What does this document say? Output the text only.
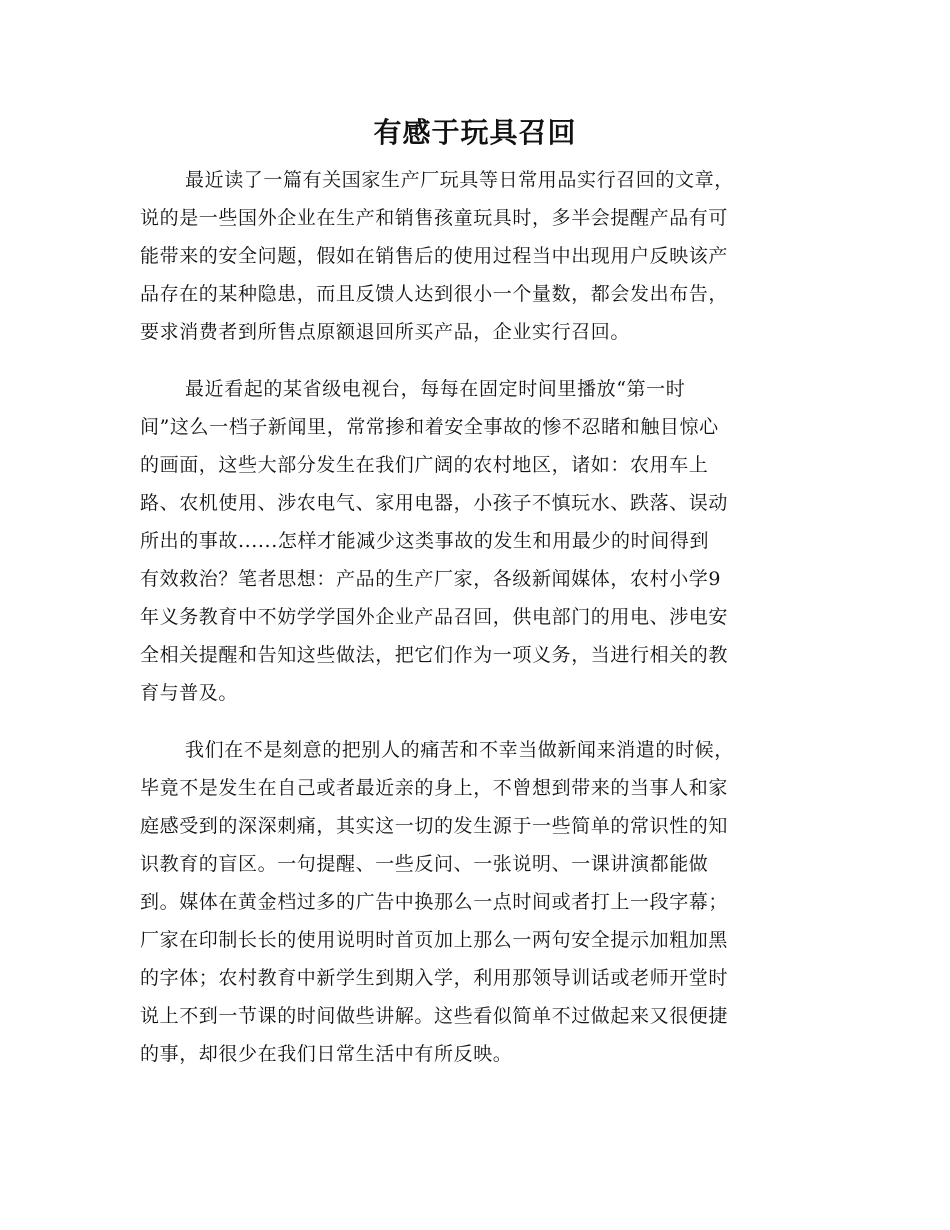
有感于玩具召回
最近读了一篇有关国家生产厂玩具等日常用品实行召回的文章，
说的是一些国外企业在生产和销售孩童玩具时，多半会提醒产品有可
能带来的安全问题，假如在销售后的使用过程当中出现用户反映该产
品存在的某种隐患，而且反馈人达到很小一个量数，都会发出布告，
要求消费者到所售点原额退回所买产品，企业实行召回。
最近看起的某省级电视台，每每在固定时间里播放“第一时
间”这么一档子新闻里，常常掺和着安全事故的惨不忍睹和触目惊心
的画面，这些大部分发生在我们广阔的农村地区，诸如：农用车上
路、农机使用、涉农电气、家用电器，小孩子不慎玩水、跌落、误动
所出的事故......怎样才能减少这类事故的发生和用最少的时间得到
有效救治？笔者思想：产品的生产厂家，各级新闻媒体，农村小学9
年义务教育中不妨学学国外企业产品召回，供电部门的用电、涉电安
全相关提醒和告知这些做法，把它们作为一项义务，当进行相关的教
育与普及。
我们在不是刻意的把别人的痛苦和不幸当做新闻来消遣的时候，
毕竟不是发生在自己或者最近亲的身上，不曾想到带来的当事人和家
庭感受到的深深刺痛，其实这一切的发生源于一些简单的常识性的知
识教育的盲区。一句提醒、一些反问、一张说明、一课讲演都能做
到。媒体在黄金档过多的广告中换那么一点时间或者打上一段字幕；
厂家在印制长长的使用说明时首页加上那么一两句安全提示加粗加黑
的字体；农村教育中新学生到期入学，利用那领导训话或老师开堂时
说上不到一节课的时间做些讲解。这些看似简单不过做起来又很便捷
的事，却很少在我们日常生活中有所反映。
